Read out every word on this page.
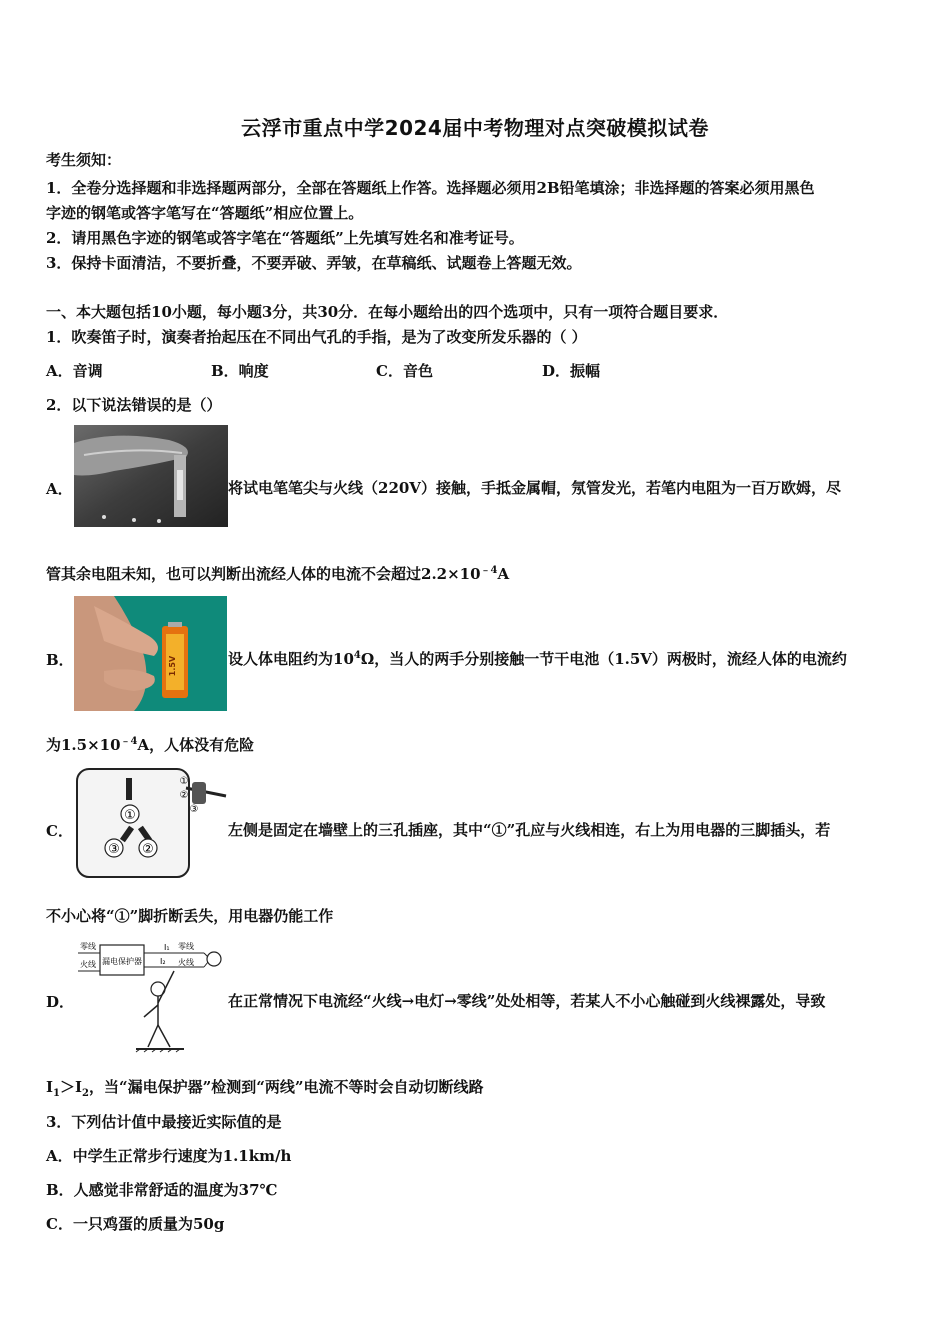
云浮市重点中学2024届中考物理对点突破模拟试卷
考生须知：
1．全卷分选择题和非选择题两部分，全部在答题纸上作答。选择题必须用2B铅笔填涂；非选择题的答案必须用黑色
字迹的钢笔或答字笔写在“答题纸”相应位置上。
2．请用黑色字迹的钢笔或答字笔在“答题纸”上先填写姓名和准考证号。
3．保持卡面清洁，不要折叠，不要弄破、弄皱，在草稿纸、试题卷上答题无效。
一、本大题包括10小题，每小题3分，共30分．在每小题给出的四个选项中，只有一项符合题目要求．
1．吹奏笛子时，演奏者抬起压在不同出气孔的手指，是为了改变所发乐器的（ ）
A．音调	B．响度	C．音色	D．振幅
2．以下说法错误的是（）
A．	将试电笔笔尖与火线（220V）接触，手抵金属帽，氖管发光，若笔内电阻为一百万欧姆，尽
管其余电阻未知，也可以判断出流经人体的电流不会超过$2.2\times 10^{﹣4}A$
1.5V
B．	设人体电阻约为$10^4\Omega$，当人的两手分别接触一节干电池（1.5V）两极时，流经人体的电流约
为$1.5\times 10^{﹣4}A$，人体没有危险
①
③ ②
①
②
③
C．	左侧是固定在墙壁上的三孔插座，其中“①”孔应与火线相连，右上为用电器的三脚插头，若
不小心将“①”脚折断丢失，用电器仍能工作
零线
火线 漏电保护器
零线
火线
I₁
I₂
D．	在正常情况下电流经“火线→电灯→零线”处处相等，若某人不小心触碰到火线裸露处，导致
$I_1>I_2$，当“漏电保护器”检测到“两线”电流不等时会自动切断线路
3．下列估计值中最接近实际值的是
A．中学生正常步行速度为1.1km/h
B．人感觉非常舒适的温度为37℃
C．一只鸡蛋的质量为50g
